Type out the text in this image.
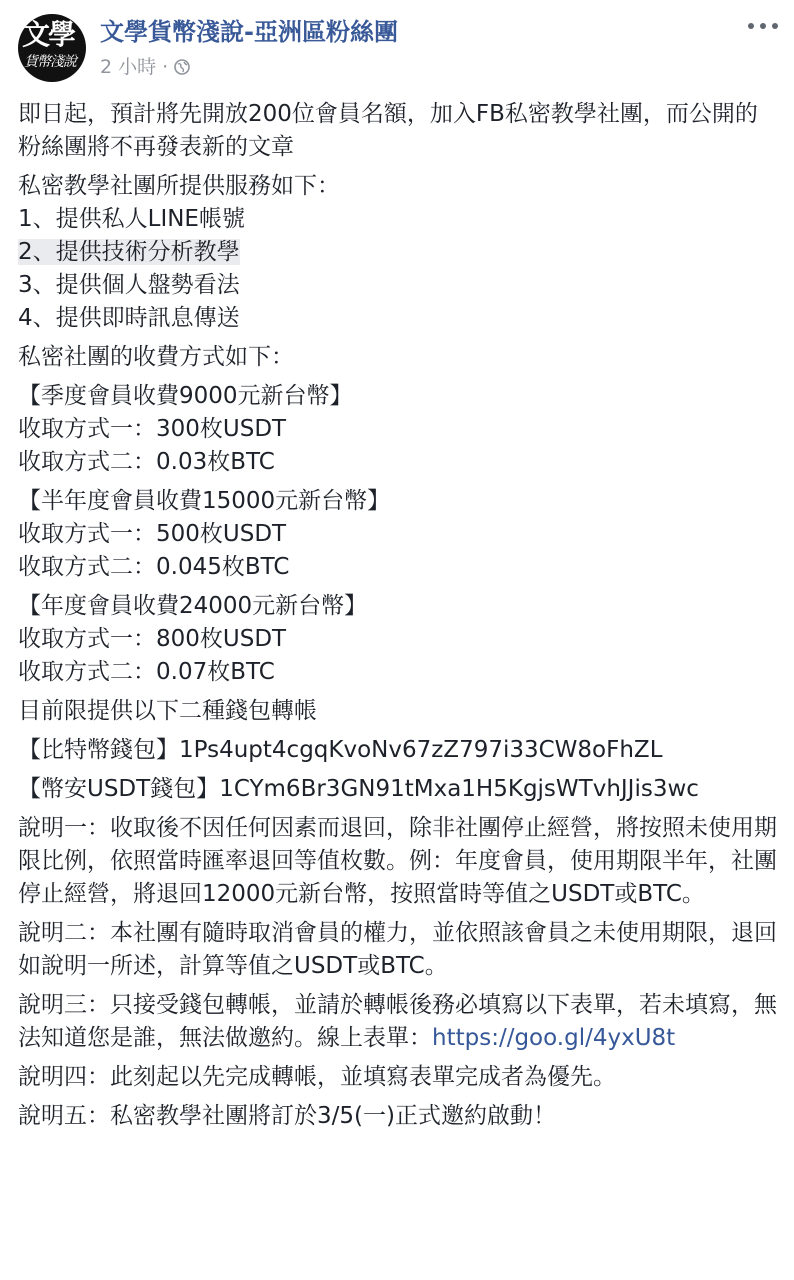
文學
貨幣淺說
文學貨幣淺說-亞洲區粉絲團
2 小時 ·

即日起，預計將先開放200位會員名額，加入FB私密教學社團，而公開的粉絲團將不再發表新的文章

私密教學社團所提供服務如下：
1、提供私人LINE帳號
2、提供技術分析教學
3、提供個人盤勢看法
4、提供即時訊息傳送

私密社團的收費方式如下：

【季度會員收費9000元新台幣】
收取方式一：300枚USDT
收取方式二：0.03枚BTC

【半年度會員收費15000元新台幣】
收取方式一：500枚USDT
收取方式二：0.045枚BTC

【年度會員收費24000元新台幣】
收取方式一：800枚USDT
收取方式二：0.07枚BTC

目前限提供以下二種錢包轉帳

【比特幣錢包】1Ps4upt4cgqKvoNv67zZ797i33CW8oFhZL

【幣安USDT錢包】1CYm6Br3GN91tMxa1H5KgjsWTvhJJis3wc

說明一：收取後不因任何因素而退回，除非社團停止經營，將按照未使用期限比例，依照當時匯率退回等值枚數。例：年度會員，使用期限半年，社團停止經營，將退回12000元新台幣，按照當時等值之USDT或BTC。

說明二：本社團有隨時取消會員的權力，並依照該會員之未使用期限，退回如說明一所述，計算等值之USDT或BTC。

說明三：只接受錢包轉帳，並請於轉帳後務必填寫以下表單，若未填寫，無法知道您是誰，無法做邀約。線上表單：https://goo.gl/4yxU8t

說明四：此刻起以先完成轉帳，並填寫表單完成者為優先。

說明五：私密教學社團將訂於3/5(一)正式邀約啟動！
